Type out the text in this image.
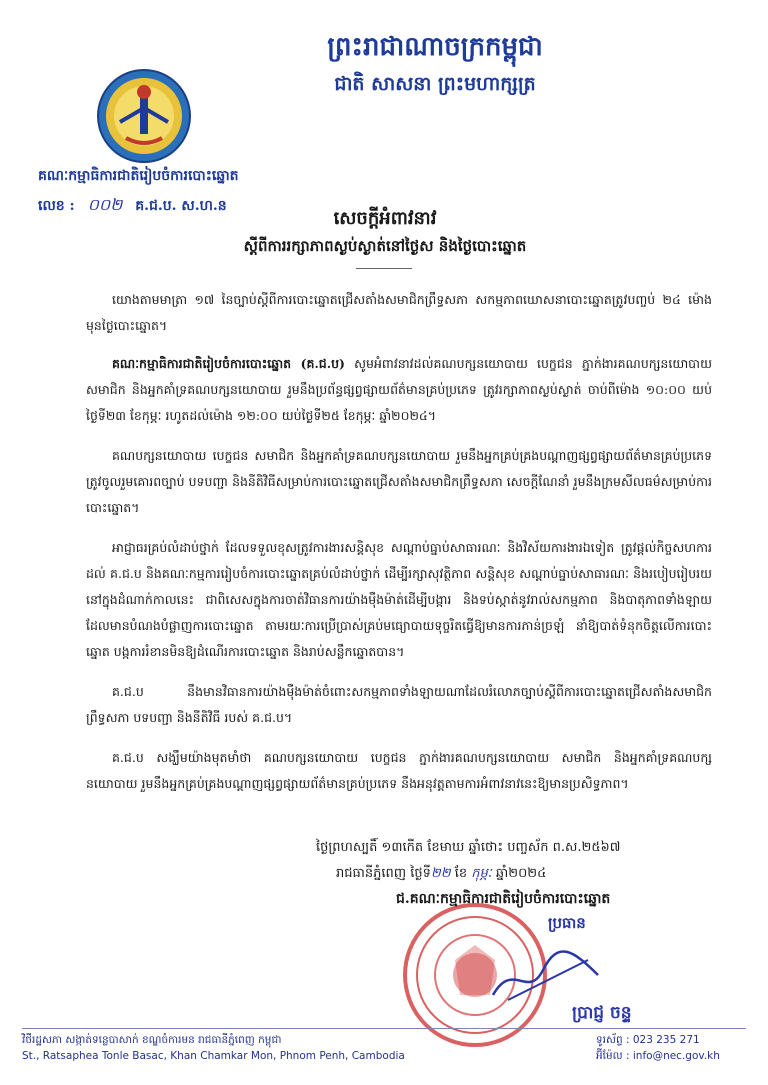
ព្រះរាជាណាចក្រកម្ពុជា
ជាតិ សាសនា ព្រះមហាក្សត្រ
គណៈកម្មាធិការជាតិរៀបចំការបោះឆ្នោត
លេខ : ០០២ គ.ជ.ប. ស.ហ.ន
សេចក្តីអំពាវនាវ
ស្តីពីការរក្សាភាពស្ងប់ស្ងាត់នៅថ្ងៃស និងថ្ងៃបោះឆ្នោត

យោងតាមមាត្រា ១៧ នៃច្បាប់ស្តីពីការបោះឆ្នោតជ្រើសតាំងសមាជិកព្រឹទ្ធសភា សកម្មភាពឃោសនាបោះឆ្នោតត្រូវបញ្ចប់ ២៤ ម៉ោង មុនថ្ងៃបោះឆ្នោត។

គណៈកម្មាធិការជាតិរៀបចំការបោះឆ្នោត (គ.ជ.ប) សូមអំពាវនាវដល់គណបក្សនយោបាយ បេក្ខជន ភ្នាក់ងារគណបក្សនយោបាយ សមាជិក និងអ្នកគាំទ្រគណបក្សនយោបាយ រួមនឹងប្រព័ន្ធផ្សព្វផ្សាយព័ត៌មានគ្រប់ប្រភេទ ត្រូវរក្សាភាពស្ងប់ស្ងាត់ ចាប់ពីម៉ោង ១០:០០ យប់ថ្ងៃទី២៣ ខែកុម្ភៈ រហូតដល់ម៉ោង ១២:០០ យប់ថ្ងៃទី២៥ ខែកុម្ភៈ ឆ្នាំ២០២៤។

គណបក្សនយោបាយ បេក្ខជន សមាជិក និងអ្នកគាំទ្រគណបក្សនយោបាយ រួមនឹងអ្នកគ្រប់គ្រងបណ្តាញផ្សព្វផ្សាយព័ត៌មានគ្រប់ប្រភេទ ត្រូវចូលរួមគោរពច្បាប់ បទបញ្ជា និងនីតិវិធីសម្រាប់ការបោះឆ្នោតជ្រើសតាំងសមាជិកព្រឹទ្ធសភា សេចក្តីណែនាំ រួមនឹងក្រមសីលធម៌សម្រាប់ការបោះឆ្នោត។

អាជ្ញាធរគ្រប់លំដាប់ថ្នាក់ ដែលទទួលខុសត្រូវការងារសន្តិសុខ សណ្តាប់ធ្នាប់សាធារណៈ និងវិស័យការងារឯទៀត ត្រូវផ្តល់កិច្ចសហការដល់ គ.ជ.ប និងគណៈកម្មការរៀបចំការបោះឆ្នោតគ្រប់លំដាប់ថ្នាក់ ដើម្បីរក្សាសុវត្ថិភាព សន្តិសុខ សណ្តាប់ធ្នាប់សាធារណៈ និងរបៀបរៀបរយ នៅក្នុងដំណាក់កាលនេះ ជាពិសេសក្នុងការចាត់វិធានការយ៉ាងម៉ឺងម៉ាត់ដើម្បីបង្ការ និងទប់ស្កាត់នូវរាល់សកម្មភាព និងបាតុភាពទាំងឡាយ ដែលមានបំណងបំផ្លាញការបោះឆ្នោត តាមរយៈការប្រើប្រាស់គ្រប់មធ្យោបាយទុច្ចរិតធ្វើឱ្យមានការភាន់ច្រឡំ នាំឱ្យបាត់ទំនុកចិត្តលើការបោះឆ្នោត បង្កការរំខានមិនឱ្យដំណើរការបោះឆ្នោត និងរាប់សន្លឹកឆ្នោតបាន។

គ.ជ.ប នឹងមានវិធានការយ៉ាងម៉ឺងម៉ាត់ចំពោះសកម្មភាពទាំងឡាយណាដែលរំលោភច្បាប់ស្តីពីការបោះឆ្នោតជ្រើសតាំងសមាជិកព្រឹទ្ធសភា បទបញ្ជា និងនីតិវិធី របស់ គ.ជ.ប។

គ.ជ.ប សង្ឃឹមយ៉ាងមុតមាំថា គណបក្សនយោបាយ បេក្ខជន ភ្នាក់ងារគណបក្សនយោបាយ សមាជិក និងអ្នកគាំទ្រគណបក្សនយោបាយ រួមនឹងអ្នកគ្រប់គ្រងបណ្តាញផ្សព្វផ្សាយព័ត៌មានគ្រប់ប្រភេទ នឹងអនុវត្តតាមការអំពាវនាវនេះឱ្យមានប្រសិទ្ធភាព។

ថ្ងៃព្រហស្បតិ៍ ១៣កើត ខែមាឃ ឆ្នាំថោះ បញ្ចស័ក ព.ស.២៥៦៧
រាជធានីភ្នំពេញ ថ្ងៃទី២២ ខែ កុម្ភៈ ឆ្នាំ២០២៤
ជ.គណៈកម្មាធិការជាតិរៀបចំការបោះឆ្នោត
ប្រធាន
ប្រាជ្ញ ចន្ទ
វិថីរដ្ឋសភា សង្កាត់ទន្លេបាសាក់ ខណ្ឌចំការមន រាជធានីភ្នំពេញ កម្ពុជា
St., Ratsaphea Tonle Basac, Khan Chamkar Mon, Phnom Penh, Cambodia
ទូរស័ព្ទ : 023 235 271
អ៊ីម៉ែល : info@nec.gov.kh
